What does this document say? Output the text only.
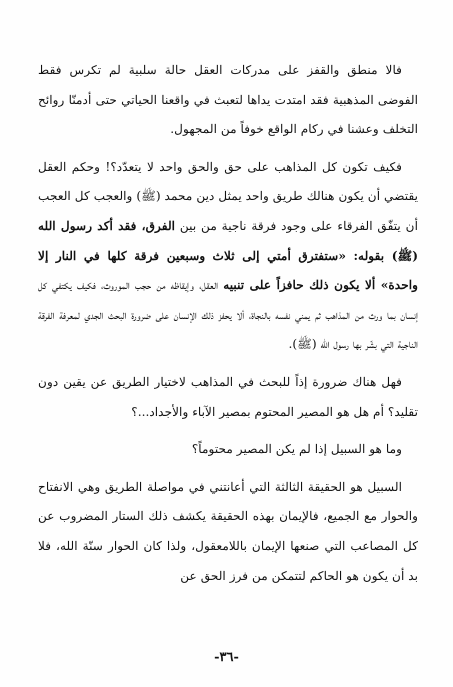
فالا منطق والقفز على مدركات العقل حالة سلبية لم تكرس فقط الفوضى المذهبية فقد امتدت يداها لتعبث في واقعنا الحياتي حتى أدمنّا روائح التخلف وعشنا في ركام الواقع خوفاً من المجهول.

فكيف تكون كل المذاهب على حق والحق واحد لا يتعدّد؟! وحكم العقل يقتضي أن يكون هنالك طريق واحد يمثل دين محمد (ﷺ) والعجب كل العجب أن يتفّق الفرقاء على وجود فرقة ناجية من بين الفرق، فقد أكد رسول الله (ﷺ) بقوله: «ستفترق أمتي إلى ثلاث وسبعين فرقة كلها في النار إلا واحدة» ألا يكون ذلك حافزاً على تنبيه العقل، وإيقاظه من حجب الموروث، فكيف يكتفي كل إنسان بما ورث من المذاهب ثم يمني نفسه بالنجاة، ألا يحفز ذلك الإنسان على ضرورة البحث الجدي لمعرفة الفرقة الناجية التي بشّر بها رسول الله (ﷺ).

فهل هناك ضرورة إذاً للبحث في المذاهب لاختيار الطريق عن يقين دون تقليد؟ أم هل هو المصير المحتوم بمصير الآباء والأجداد...؟

وما هو السبيل إذا لم يكن المصير محتوماً؟

السبيل هو الحقيقة الثالثة التي أعانتني في مواصلة الطريق وهي الانفتاح والحوار مع الجميع، فالإيمان بهذه الحقيقة يكشف ذلك الستار المضروب عن كل المصاعب التي صنعها الإيمان باللامعقول، ولذا كان الحوار سنّة الله، فلا بد أن يكون هو الحاكم لتتمكن من فرز الحق عن

-٣٦-
